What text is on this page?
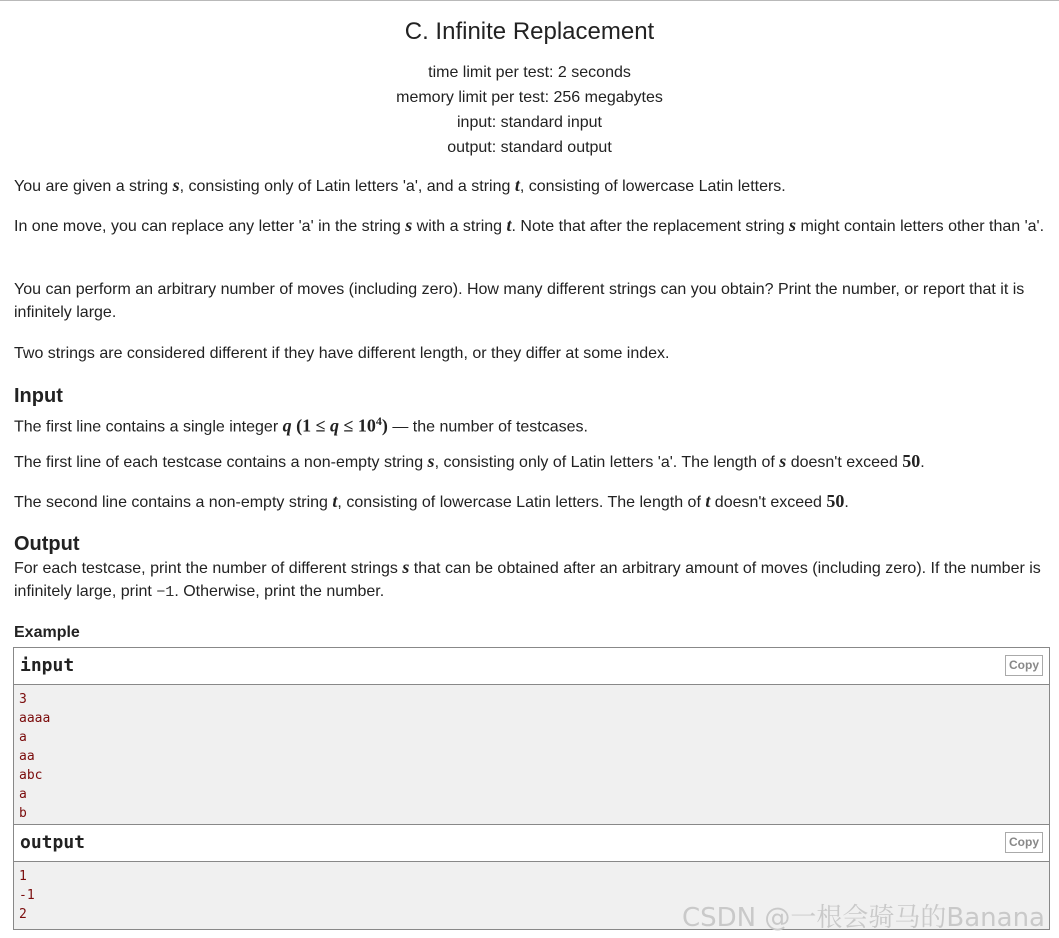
C. Infinite Replacement
time limit per test: 2 seconds
memory limit per test: 256 megabytes
input: standard input
output: standard output

You are given a string s, consisting only of Latin letters 'a', and a string t, consisting of lowercase Latin letters.

In one move, you can replace any letter 'a' in the string s with a string t. Note that after the replacement string s might contain letters other than 'a'.

You can perform an arbitrary number of moves (including zero). How many different strings can you obtain? Print the number, or report that it is infinitely large.

Two strings are considered different if they have different length, or they differ at some index.

Input

The first line contains a single integer q $(1 \le q \le 10^4)$ — the number of testcases.

The first line of each testcase contains a non-empty string s, consisting only of Latin letters 'a'. The length of s doesn't exceed 50.

The second line contains a non-empty string t, consisting of lowercase Latin letters. The length of t doesn't exceed 50.

Output

For each testcase, print the number of different strings s that can be obtained after an arbitrary amount of moves (including zero). If the number is infinitely large, print −1. Otherwise, print the number.

Example
input	Copy
3
aaaa
a
aa
abc
a
b
output	Copy
1
-1
2	CSDN @一根会骑马的Banana
